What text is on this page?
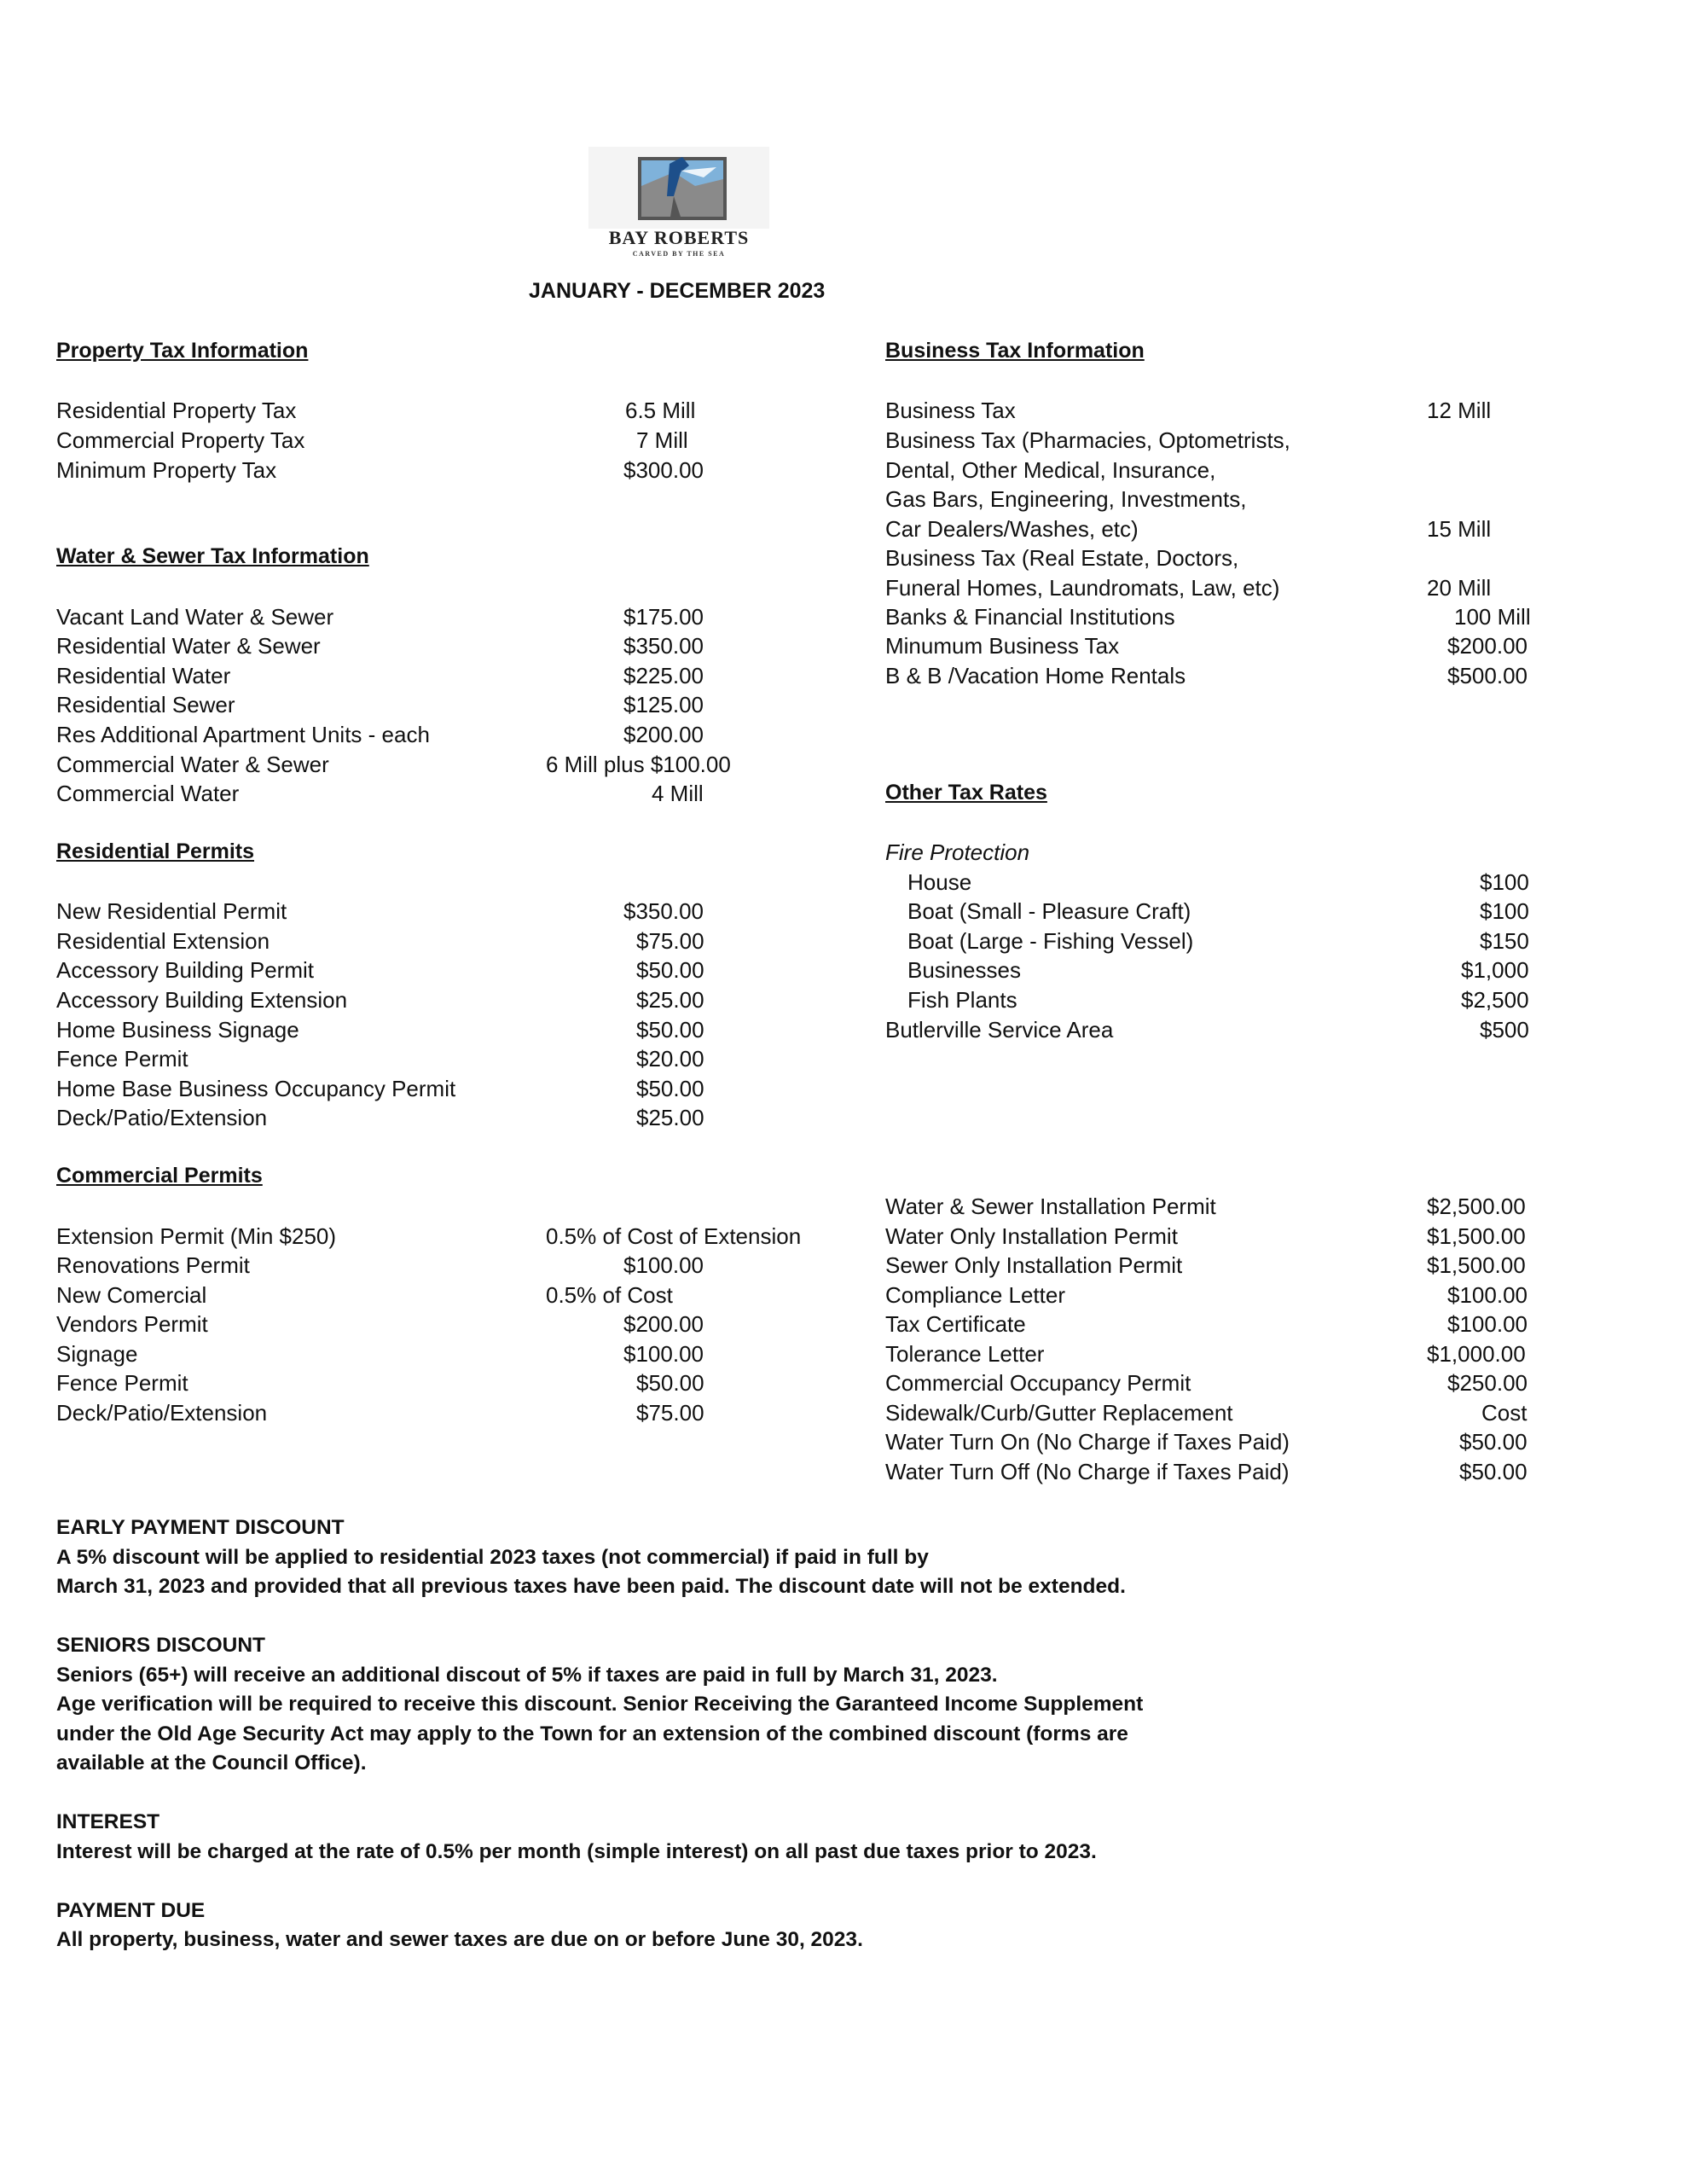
BAY ROBERTS
CARVED BY THE SEA
JANUARY - DECEMBER 2023
Property Tax Information
Residential Property Tax	6.5 Mill
Commercial Property Tax	7 Mill
Minimum Property Tax	$300.00
Water & Sewer Tax Information
Vacant Land Water & Sewer	$175.00
Residential Water & Sewer	$350.00
Residential Water	$225.00
Residential Sewer	$125.00
Res Additional Apartment Units - each	$200.00
Commercial Water & Sewer	6 Mill plus $100.00
Commercial Water	4 Mill
Residential Permits
New Residential Permit	$350.00
Residential Extension	$75.00
Accessory Building Permit	$50.00
Accessory Building Extension	$25.00
Home Business Signage	$50.00
Fence Permit	$20.00
Home Base Business Occupancy Permit	$50.00
Deck/Patio/Extension	$25.00
Commercial Permits
Extension Permit (Min $250)	0.5% of Cost of Extension
Renovations Permit	$100.00
New Comercial	0.5% of Cost
Vendors Permit	$200.00
Signage	$100.00
Fence Permit	$50.00
Deck/Patio/Extension	$75.00
Business Tax Information
Business Tax	12 Mill
Business Tax (Pharmacies, Optometrists,
Dental, Other Medical, Insurance,
Gas Bars, Engineering, Investments,
Car Dealers/Washes, etc)	15 Mill
Business Tax (Real Estate, Doctors,
Funeral Homes, Laundromats, Law, etc)	20 Mill
Banks & Financial Institutions	100 Mill
Minumum Business Tax	$200.00
B & B /Vacation Home Rentals	$500.00
Other Tax Rates
Fire Protection
House	$100
Boat (Small - Pleasure Craft)	$100
Boat (Large - Fishing Vessel)	$150
Businesses	$1,000
Fish Plants	$2,500
Butlerville Service Area	$500
Water & Sewer Installation Permit	$2,500.00
Water Only Installation Permit	$1,500.00
Sewer Only Installation Permit	$1,500.00
Compliance Letter	$100.00
Tax Certificate	$100.00
Tolerance Letter	$1,000.00
Commercial Occupancy Permit	$250.00
Sidewalk/Curb/Gutter Replacement	Cost
Water Turn On (No Charge if Taxes Paid)	$50.00
Water Turn Off (No Charge if Taxes Paid)	$50.00
EARLY PAYMENT DISCOUNT
A 5% discount will be applied to residential 2023 taxes (not commercial) if paid in full by
March 31, 2023 and provided that all previous taxes have been paid. The discount date will not be extended.
SENIORS DISCOUNT
Seniors (65+) will receive an additional discout of 5% if taxes are paid in full by March 31, 2023.
Age verification will be required to receive this discount. Senior Receiving the Garanteed Income Supplement
under the Old Age Security Act may apply to the Town for an extension of the combined discount (forms are
available at the Council Office).
INTEREST
Interest will be charged at the rate of 0.5% per month (simple interest) on all past due taxes prior to 2023.
PAYMENT DUE
All property, business, water and sewer taxes are due on or before June 30, 2023.
